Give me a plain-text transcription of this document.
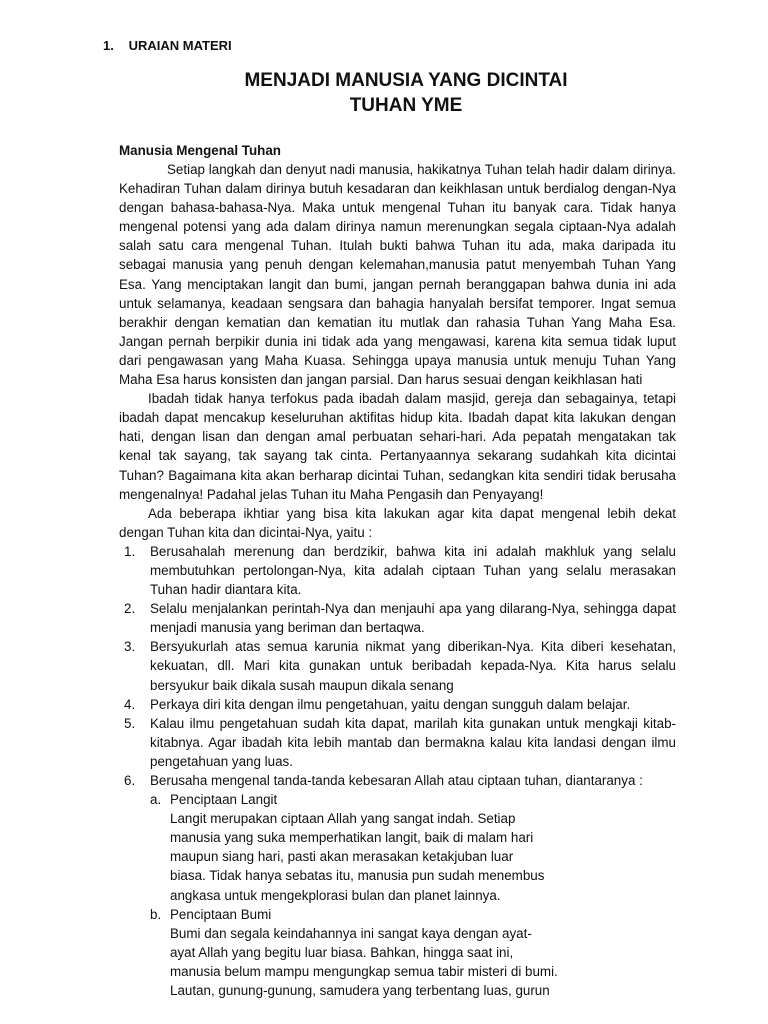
1. URAIAN MATERI
MENJADI MANUSIA YANG DICINTAI
TUHAN YME
Manusia Mengenal Tuhan

Setiap langkah dan denyut nadi manusia, hakikatnya Tuhan telah hadir dalam dirinya. Kehadiran Tuhan dalam dirinya butuh kesadaran dan keikhlasan untuk berdialog dengan-Nya dengan bahasa-bahasa-Nya. Maka untuk mengenal Tuhan itu banyak cara. Tidak hanya mengenal potensi yang ada dalam dirinya namun merenungkan segala ciptaan-Nya adalah salah satu cara mengenal Tuhan. Itulah bukti bahwa Tuhan itu ada, maka daripada itu sebagai manusia yang penuh dengan kelemahan,manusia patut menyembah Tuhan Yang Esa. Yang menciptakan langit dan bumi, jangan pernah beranggapan bahwa dunia ini ada untuk selamanya, keadaan sengsara dan bahagia hanyalah bersifat temporer. Ingat semua berakhir dengan kematian dan kematian itu mutlak dan rahasia Tuhan Yang Maha Esa. Jangan pernah berpikir dunia ini tidak ada yang mengawasi, karena kita semua tidak luput dari pengawasan yang Maha Kuasa. Sehingga upaya manusia untuk menuju Tuhan Yang Maha Esa harus konsisten dan jangan parsial. Dan harus sesuai dengan keikhlasan hati

Ibadah tidak hanya terfokus pada ibadah dalam masjid, gereja dan sebagainya, tetapi ibadah dapat mencakup keseluruhan aktifitas hidup kita. Ibadah dapat kita lakukan dengan hati, dengan lisan dan dengan amal perbuatan sehari-hari. Ada pepatah mengatakan tak kenal tak sayang, tak sayang tak cinta. Pertanyaannya sekarang sudahkah kita dicintai Tuhan? Bagaimana kita akan berharap dicintai Tuhan, sedangkan kita sendiri tidak berusaha mengenalnya! Padahal jelas Tuhan itu Maha Pengasih dan Penyayang!

Ada beberapa ikhtiar yang bisa kita lakukan agar kita dapat mengenal lebih dekat dengan Tuhan kita dan dicintai-Nya, yaitu :

1. Berusahalah merenung dan berdzikir, bahwa kita ini adalah makhluk yang selalu membutuhkan pertolongan-Nya, kita adalah ciptaan Tuhan yang selalu merasakan Tuhan hadir diantara kita.
2. Selalu menjalankan perintah-Nya dan menjauhi apa yang dilarang-Nya, sehingga dapat menjadi manusia yang beriman dan bertaqwa.
3. Bersyukurlah atas semua karunia nikmat yang diberikan-Nya. Kita diberi kesehatan, kekuatan, dll. Mari kita gunakan untuk beribadah kepada-Nya. Kita harus selalu bersyukur baik dikala susah maupun dikala senang
4. Perkaya diri kita dengan ilmu pengetahuan, yaitu dengan sungguh dalam belajar.
5. Kalau ilmu pengetahuan sudah kita dapat, marilah kita gunakan untuk mengkaji kitab-kitabnya. Agar ibadah kita lebih mantab dan bermakna kalau kita landasi dengan ilmu pengetahuan yang luas.
6. Berusaha mengenal tanda-tanda kebesaran Allah atau ciptaan tuhan, diantaranya :
a. Penciptaan Langit
Langit merupakan ciptaan Allah yang sangat indah. Setiap
manusia yang suka memperhatikan langit, baik di malam hari
maupun siang hari, pasti akan merasakan ketakjuban luar
biasa. Tidak hanya sebatas itu, manusia pun sudah menembus
angkasa untuk mengekplorasi bulan dan planet lainnya.
b. Penciptaan Bumi
Bumi dan segala keindahannya ini sangat kaya dengan ayat-
ayat Allah yang begitu luar biasa. Bahkan, hingga saat ini,
manusia belum mampu mengungkap semua tabir misteri di bumi.
Lautan, gunung-gunung, samudera yang terbentang luas, gurun
